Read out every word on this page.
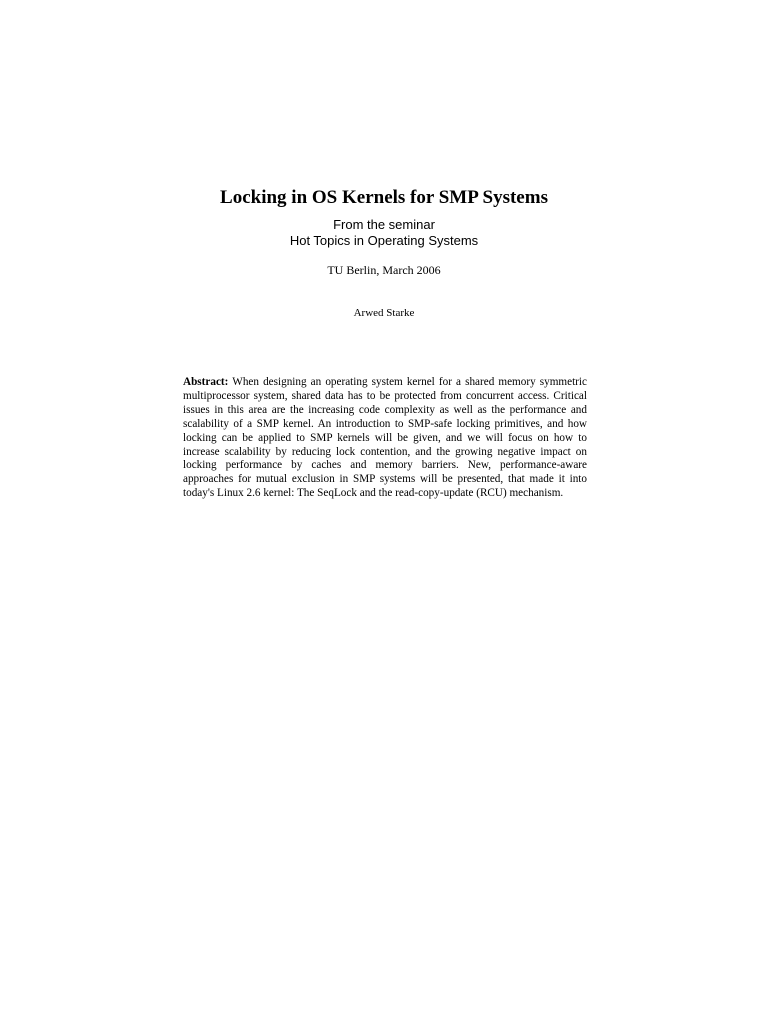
Locking in OS Kernels for SMP Systems
From the seminar
Hot Topics in Operating Systems
TU Berlin, March 2006
Arwed Starke

Abstract: When designing an operating system kernel for a shared memory symmetric multiprocessor system, shared data has to be protected from concurrent access. Critical issues in this area are the increasing code complexity as well as the performance and scalability of a SMP kernel. An introduction to SMP-safe locking primitives, and how locking can be applied to SMP kernels will be given, and we will focus on how to increase scalability by reducing lock contention, and the growing negative impact on locking performance by caches and memory barriers. New, performance-aware approaches for mutual exclusion in SMP systems will be presented, that made it into today's Linux 2.6 kernel: The SeqLock and the read-copy-update (RCU) mechanism.
